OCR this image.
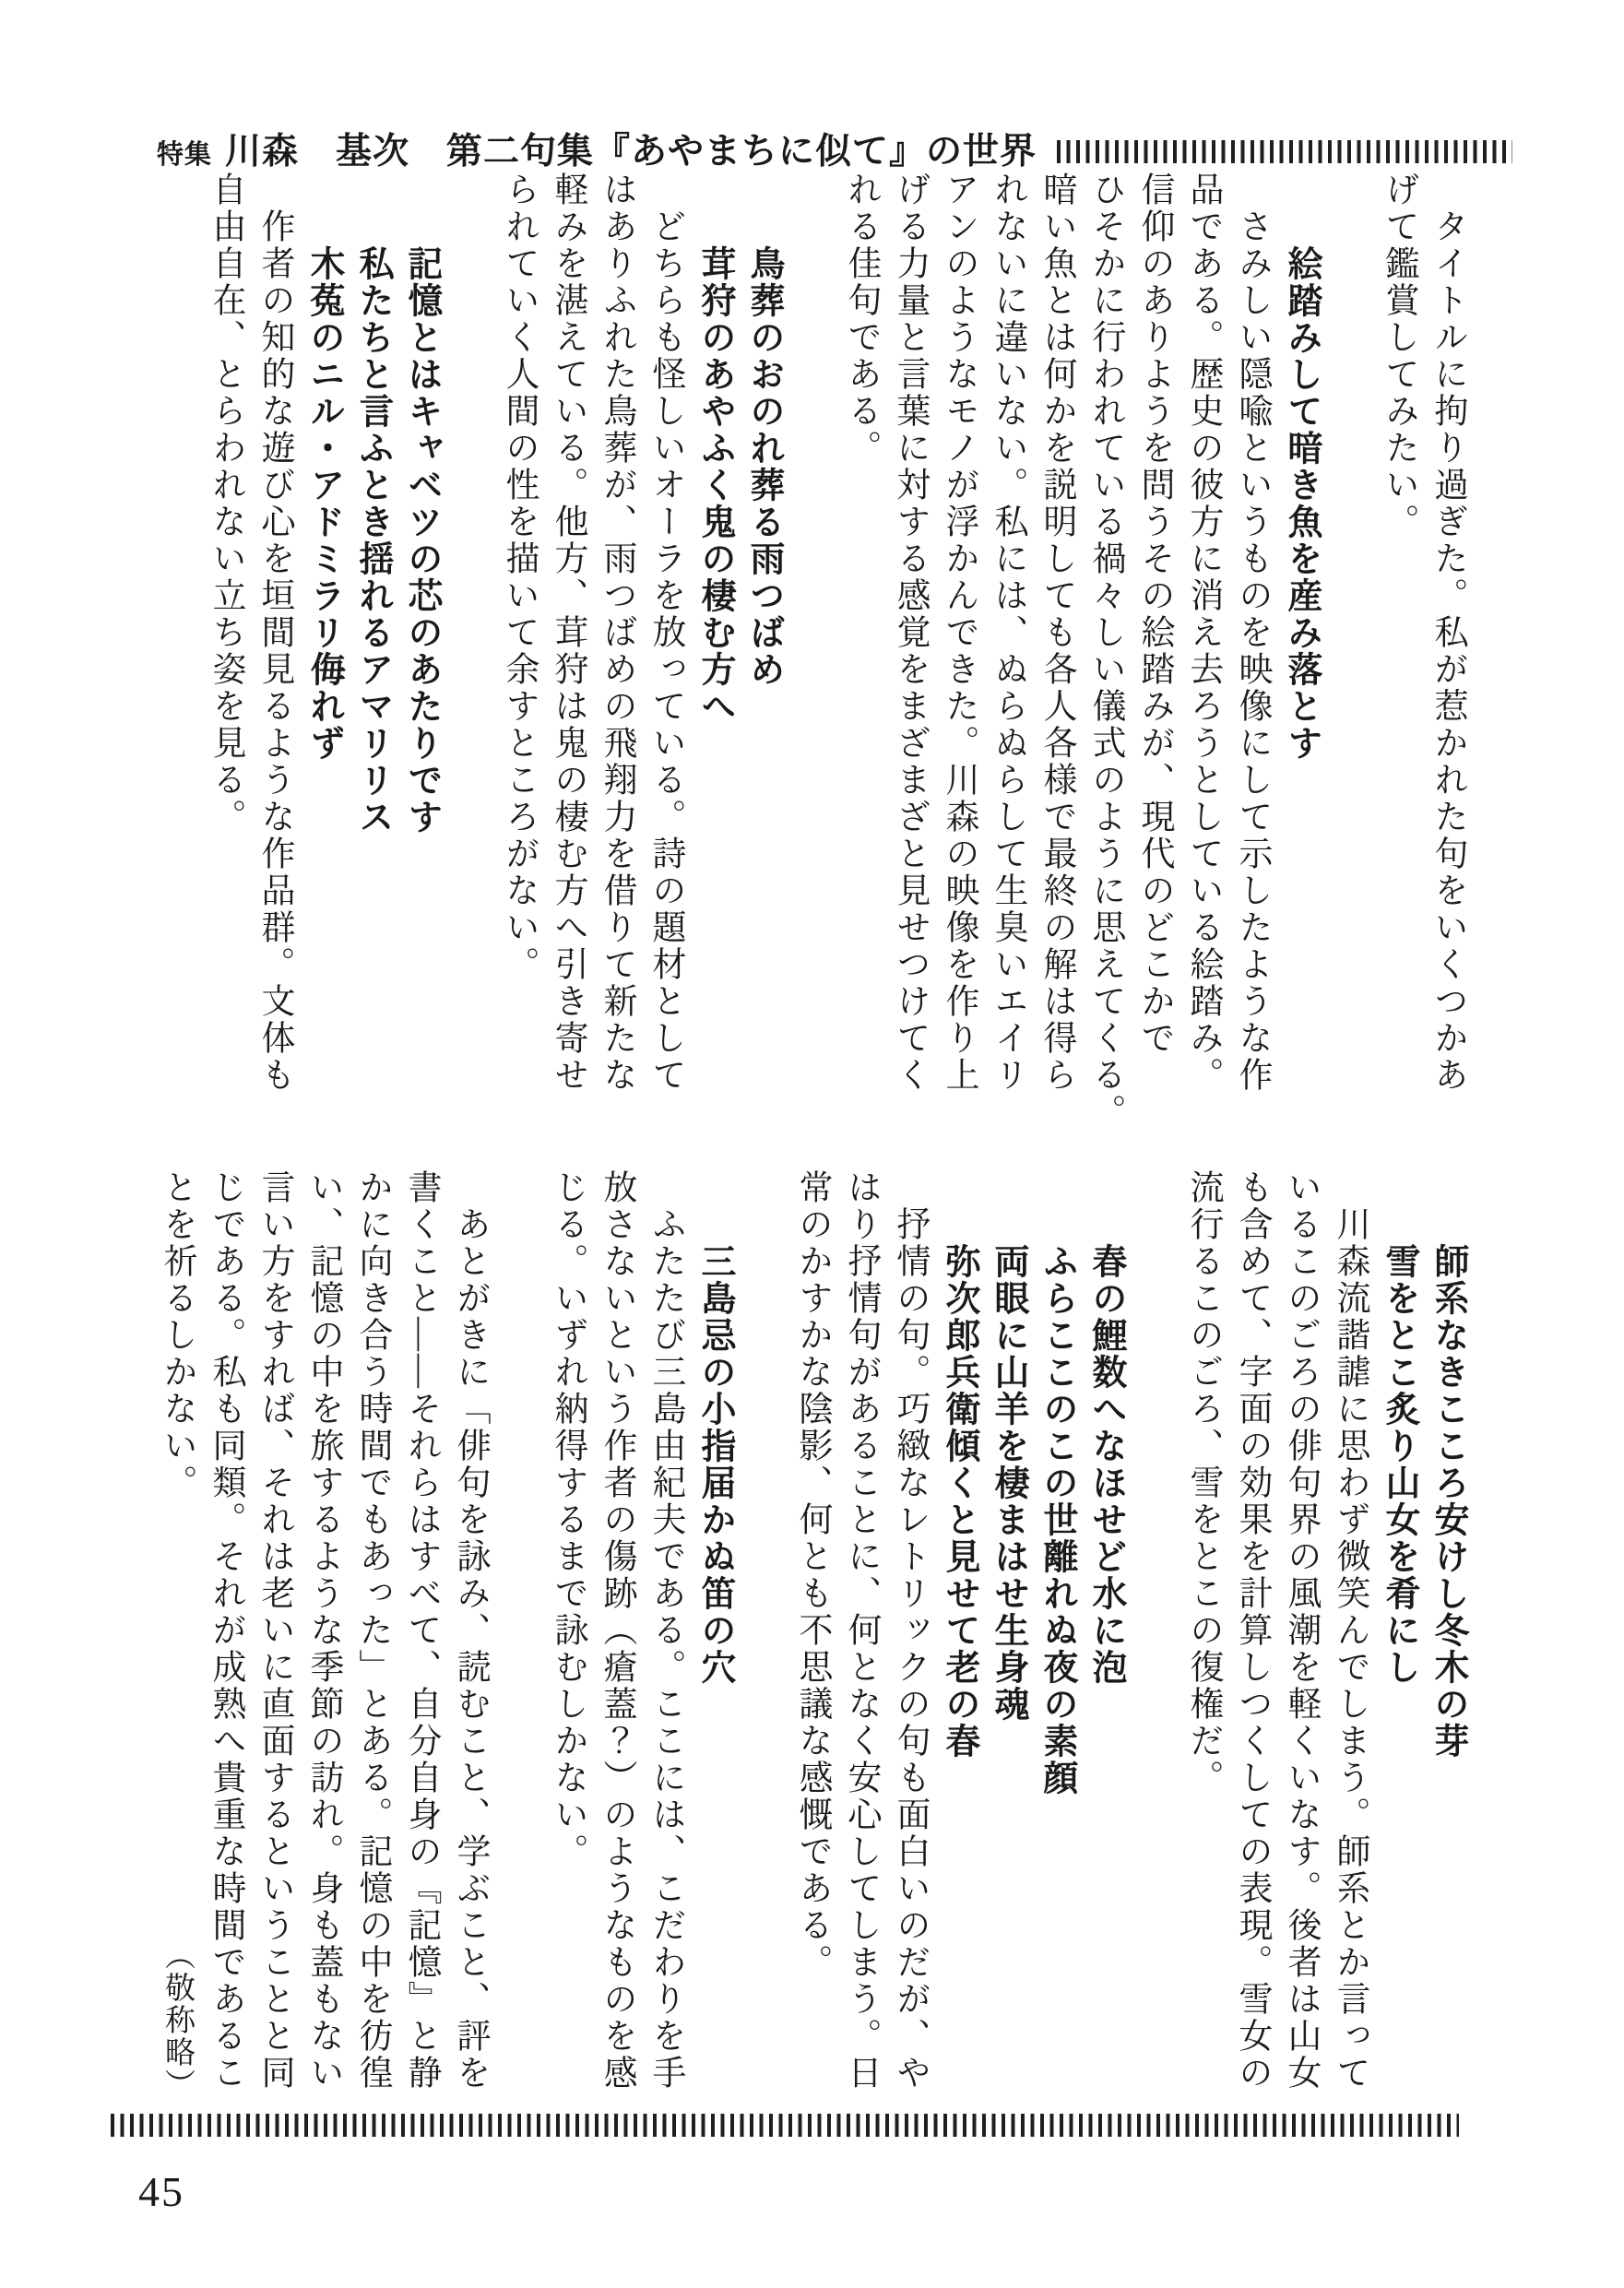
特集 川森　基次　第二句集『あやまちに似て』の世界
タイトルに拘り過ぎた。私が惹かれた句をいくつかあ
げて鑑賞してみたい。
絵踏みして暗き魚を産み落とす
さみしい隠喩というものを映像にして示したような作
品である。歴史の彼方に消え去ろうとしている絵踏み。
信仰のありようを問うその絵踏みが、現代のどこかで
ひそかに行われている禍々しい儀式のように思えてくる。
暗い魚とは何かを説明しても各人各様で最終の解は得ら
れないに違いない。私には、ぬらぬらして生臭いエイリ
アンのようなモノが浮かんできた。川森の映像を作り上
げる力量と言葉に対する感覚をまざまざと見せつけてく
れる佳句である。
鳥葬のおのれ葬る雨つばめ
茸狩のあやふく鬼の棲む方へ
どちらも怪しいオーラを放っている。詩の題材として
はありふれた鳥葬が、雨つばめの飛翔力を借りて新たな
軽みを湛えている。他方、茸狩は鬼の棲む方へ引き寄せ
られていく人間の性を描いて余すところがない。
記憶とはキャベツの芯のあたりです
私たちと言ふとき揺れるアマリリス
木菟のニル・アドミラリ侮れず
作者の知的な遊び心を垣間見るような作品群。文体も
自由自在、とらわれない立ち姿を見る。
師系なきこころ安けし冬木の芽
雪をとこ炙り山女を肴にし
川森流諧謔に思わず微笑んでしまう。師系とか言って
いるこのごろの俳句界の風潮を軽くいなす。後者は山女
も含めて、字面の効果を計算しつくしての表現。雪女の
流行るこのごろ、雪をとこの復権だ。
春の鯉数へなほせど水に泡
ふらここのこの世離れぬ夜の素顔
両眼に山羊を棲まはせ生身魂
弥次郎兵衛傾くと見せて老の春
抒情の句。巧緻なレトリックの句も面白いのだが、や
はり抒情句があることに、何となく安心してしまう。日
常のかすかな陰影、何とも不思議な感慨である。
三島忌の小指届かぬ笛の穴
ふたたび三島由紀夫である。ここには、こだわりを手
放さないという作者の傷跡（瘡蓋？）のようなものを感
じる。いずれ納得するまで詠むしかない。
あとがきに「俳句を詠み、読むこと、学ぶこと、評を
書くこと――それらはすべて、自分自身の『記憶』と静
かに向き合う時間でもあった」とある。記憶の中を彷徨
い、記憶の中を旅するような季節の訪れ。身も蓋もない
言い方をすれば、それは老いに直面するということと同
じである。私も同類。それが成熟へ貴重な時間であるこ
とを祈るしかない。
（敬称略）
45
